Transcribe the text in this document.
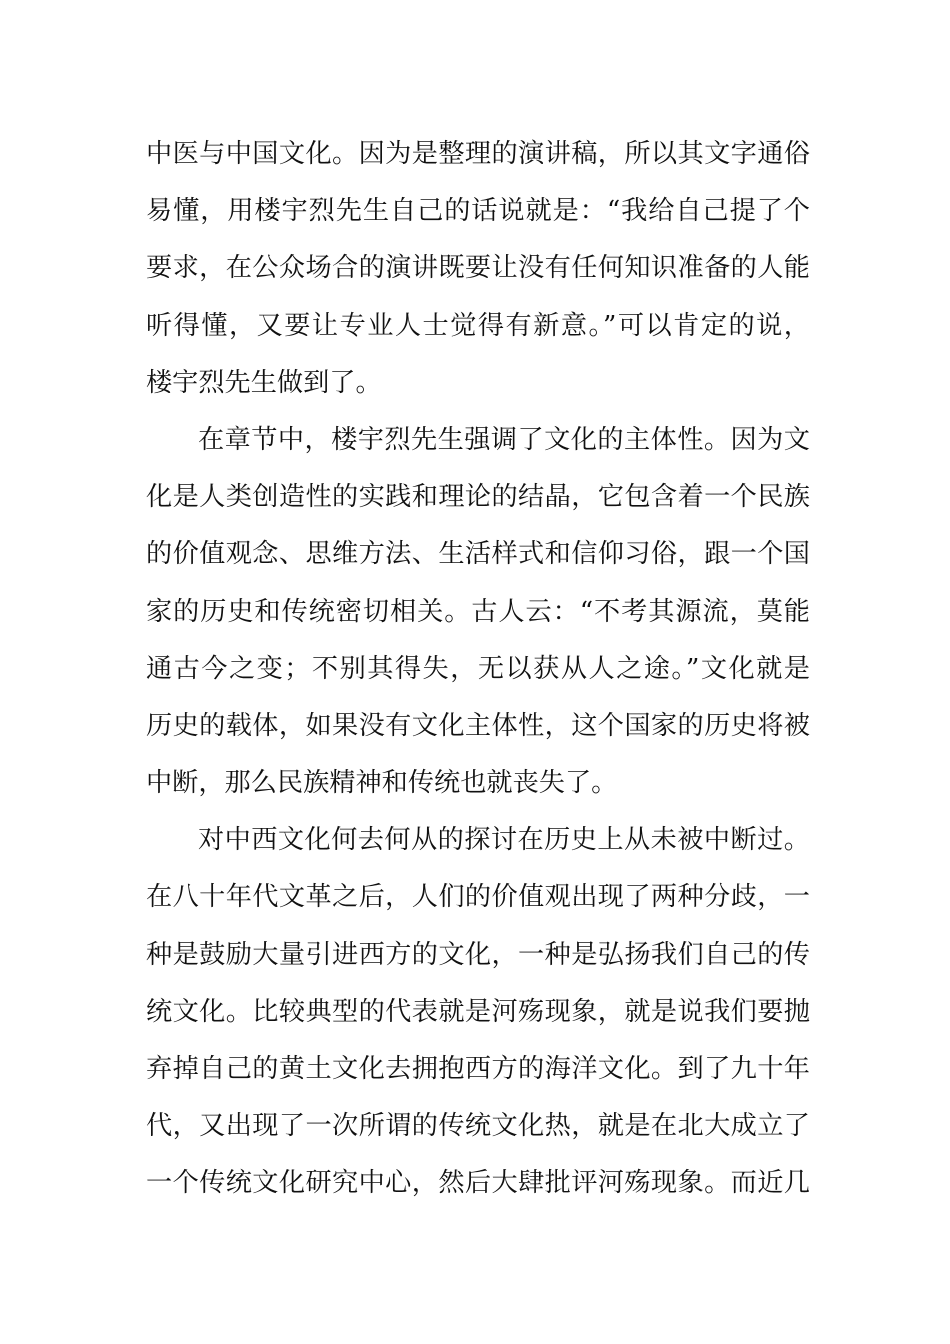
中医与中国文化。因为是整理的演讲稿，所以其文字通俗
易懂，用楼宇烈先生自己的话说就是：“我给自己提了个
要求，在公众场合的演讲既要让没有任何知识准备的人能
听得懂，又要让专业人士觉得有新意。”可以肯定的说，
楼宇烈先生做到了。
在章节中，楼宇烈先生强调了文化的主体性。因为文
化是人类创造性的实践和理论的结晶，它包含着一个民族
的价值观念、思维方法、生活样式和信仰习俗，跟一个国
家的历史和传统密切相关。古人云：“不考其源流，莫能
通古今之变；不别其得失，无以获从人之途。”文化就是
历史的载体，如果没有文化主体性，这个国家的历史将被
中断，那么民族精神和传统也就丧失了。
对中西文化何去何从的探讨在历史上从未被中断过。
在八十年代文革之后，人们的价值观出现了两种分歧，一
种是鼓励大量引进西方的文化，一种是弘扬我们自己的传
统文化。比较典型的代表就是河殇现象，就是说我们要抛
弃掉自己的黄土文化去拥抱西方的海洋文化。到了九十年
代，又出现了一次所谓的传统文化热，就是在北大成立了
一个传统文化研究中心，然后大肆批评河殇现象。而近几
